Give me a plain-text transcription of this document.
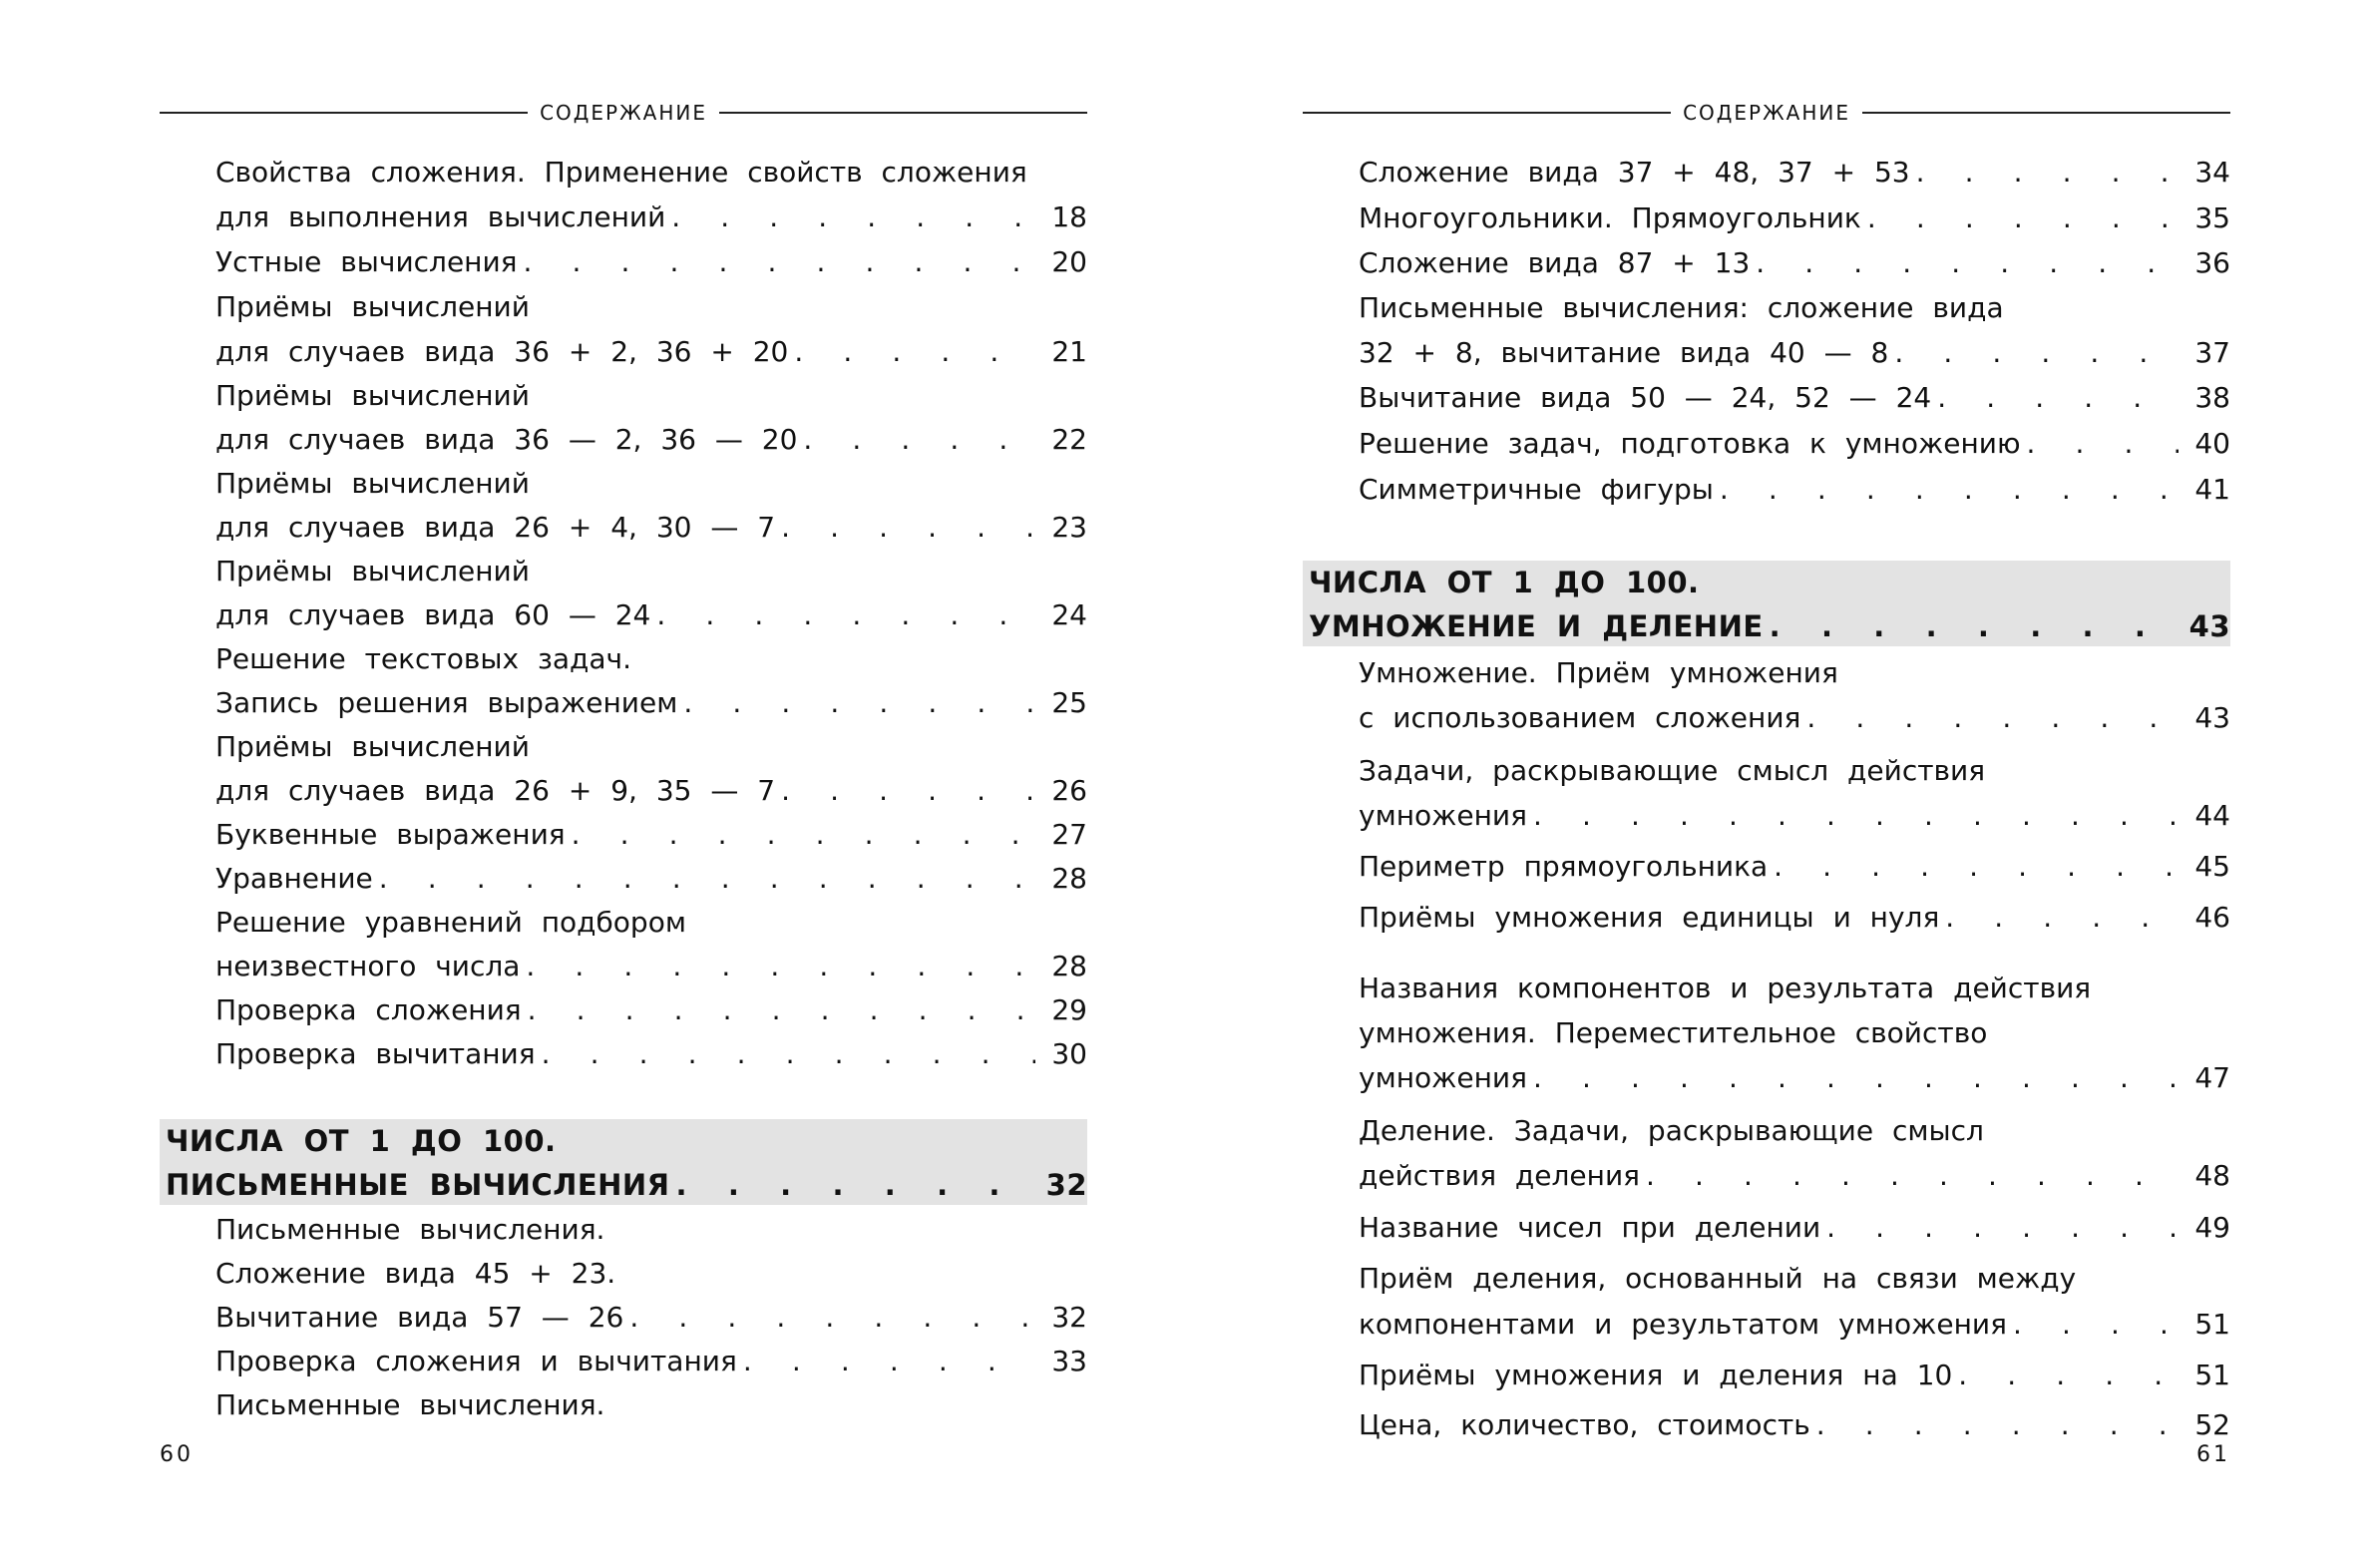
СОДЕРЖАНИЕ
Свойства сложения. Применение свойств сложения
для выполнения вычислений . . .	18
Устные вычисления . . .	20
Приёмы вычислений
для случаев вида 36 + 2, 36 + 20 . . .	21
Приёмы вычислений
для случаев вида 36 — 2, 36 — 20 . . .	22
Приёмы вычислений
для случаев вида 26 + 4, 30 — 7 . . .	23
Приёмы вычислений
для случаев вида 60 — 24 . . .	24
Решение текстовых задач.
Запись решения выражением . . .	25
Приёмы вычислений
для случаев вида 26 + 9, 35 — 7 . . .	26
Буквенные выражения . . .	27
Уравнение . . .	28
Решение уравнений подбором
неизвестного числа . . .	28
Проверка сложения . . .	29
Проверка вычитания . . .	30
ЧИСЛА ОТ 1 ДО 100.
ПИСЬМЕННЫЕ ВЫЧИСЛЕНИЯ . . .	32
Письменные вычисления.
Сложение вида 45 + 23.
Вычитание вида 57 — 26 . . .	32
Проверка сложения и вычитания . . .	33
Письменные вычисления.
60
СОДЕРЖАНИЕ
Сложение вида 37 + 48, 37 + 53 . . .	34
Многоугольники. Прямоугольник . . .	35
Сложение вида 87 + 13 . . .	36
Письменные вычисления: сложение вида
32 + 8, вычитание вида 40 — 8 . . .	37
Вычитание вида 50 — 24, 52 — 24 . . .	38
Решение задач, подготовка к умножению . . .	40
Симметричные фигуры . . .	41
ЧИСЛА ОТ 1 ДО 100.
УМНОЖЕНИЕ И ДЕЛЕНИЕ . . .	43
Умножение. Приём умножения
с использованием сложения . . .	43
Задачи, раскрывающие смысл действия
умножения . . .	44
Периметр прямоугольника . . .	45
Приёмы умножения единицы и нуля . . .	46
Названия компонентов и результата действия
умножения. Переместительное свойство
умножения . . .	47
Деление. Задачи, раскрывающие смысл
действия деления . . .	48
Название чисел при делении . . .	49
Приём деления, основанный на связи между
компонентами и результатом умножения . . .	51
Приёмы умножения и деления на 10 . . .	51
Цена, количество, стоимость . . .	52
61
